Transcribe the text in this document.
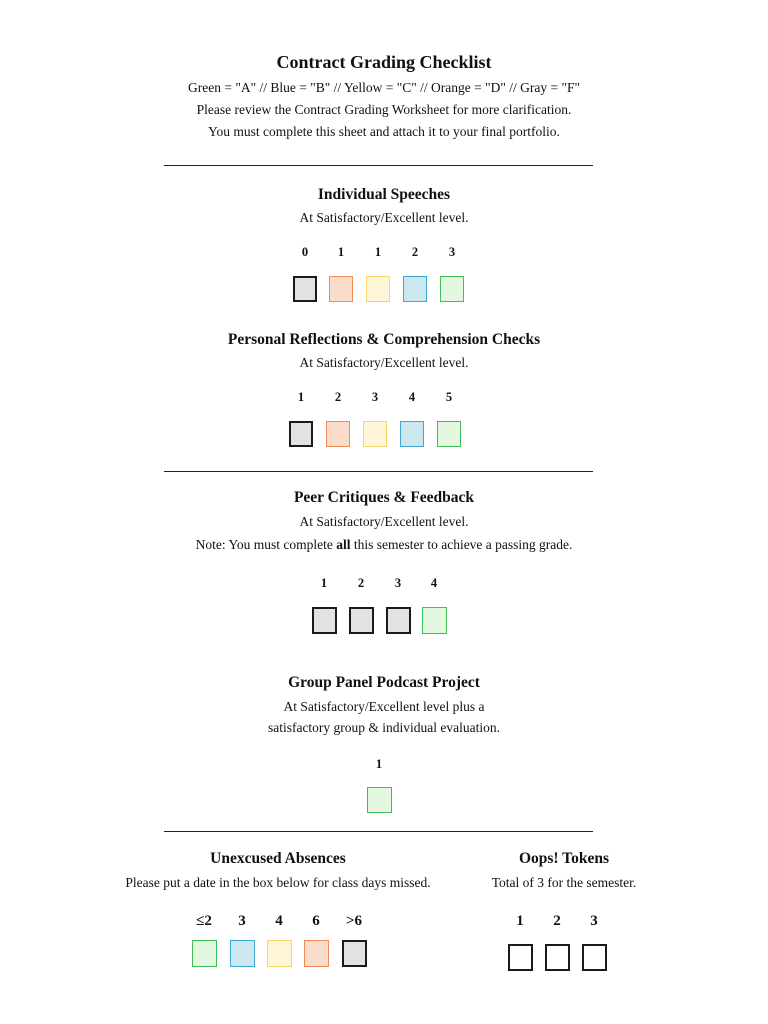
Contract Grading Checklist
Green = "A" // Blue = "B" // Yellow = "C" // Orange = "D" // Gray = "F"
Please review the Contract Grading Worksheet for more clarification.
You must complete this sheet and attach it to your final portfolio.
Individual Speeches
At Satisfactory/Excellent level.
0	1	1	2	3
Personal Reflections & Comprehension Checks
At Satisfactory/Excellent level.
1	2	3	4	5
Peer Critiques & Feedback
At Satisfactory/Excellent level.
Note: You must complete all this semester to achieve a passing grade.
1	2	3	4
Group Panel Podcast Project
At Satisfactory/Excellent level plus a
satisfactory group & individual evaluation.
1
Unexcused Absences
Please put a date in the box below for class days missed.
≤2	3	4	6	>6
Oops! Tokens
Total of 3 for the semester.
1	2	3
